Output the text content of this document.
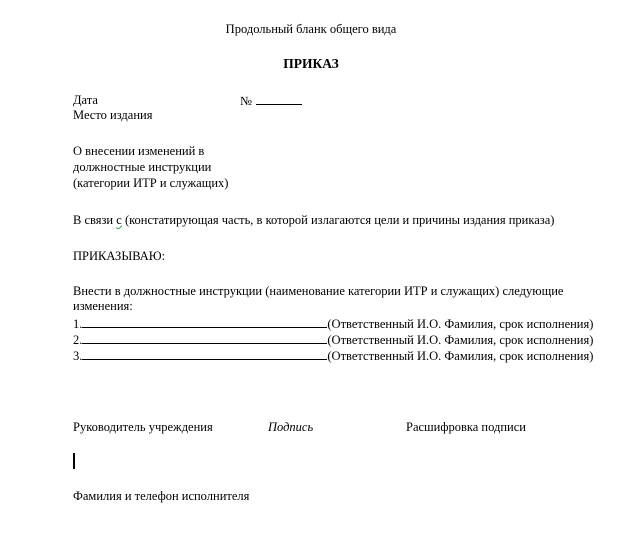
Продольный бланк общего вида
ПРИКАЗ
Дата	№
Место издания
О внесении изменений в
должностные инструкции
(категории ИТР и служащих)
В связи с (констатирующая часть, в которой излагаются цели и причины издания приказа)
ПРИКАЗЫВАЮ:
Внести в должностные инструкции (наименование категории ИТР и служащих) следующие
изменения:
1.	(Ответственный И.О. Фамилия, срок исполнения)
2.	(Ответственный И.О. Фамилия, срок исполнения)
3.	(Ответственный И.О. Фамилия, срок исполнения)
Руководитель учреждения	Подпись	Расшифровка подписи
Фамилия и телефон исполнителя
